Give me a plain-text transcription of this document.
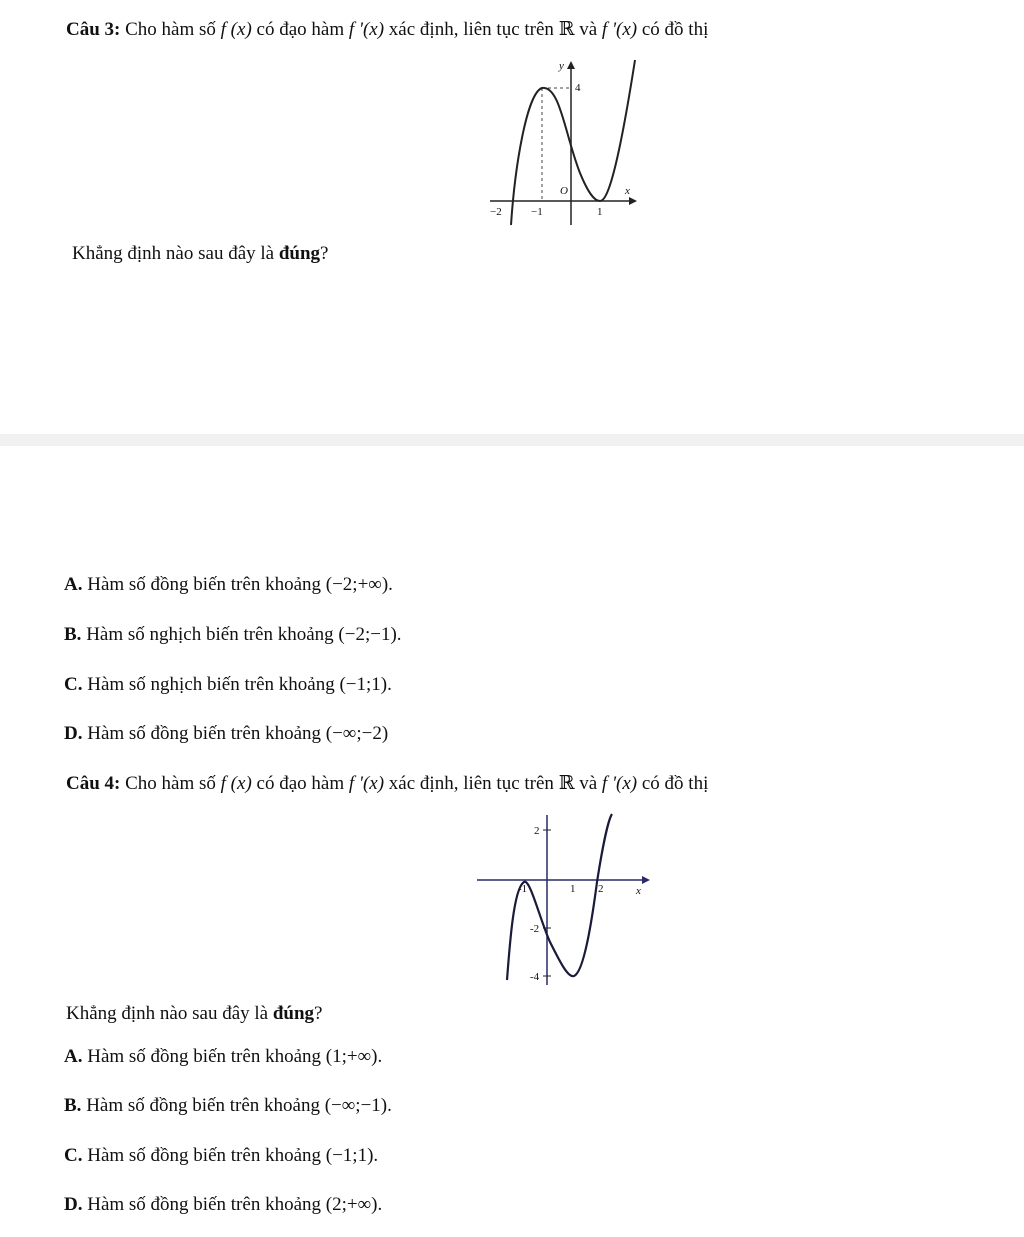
Câu 3: Cho hàm số f (x) có đạo hàm f '(x) xác định, liên tục trên ℝ và f '(x) có đồ thị
y
4
O	x
−2	−1	1
Khẳng định nào sau đây là đúng?
A. Hàm số đồng biến trên khoảng (−2;+∞).
B. Hàm số nghịch biến trên khoảng (−2;−1).
C. Hàm số nghịch biến trên khoảng (−1;1).
D. Hàm số đồng biến trên khoảng (−∞;−2)
Câu 4: Cho hàm số f (x) có đạo hàm f '(x) xác định, liên tục trên ℝ và f '(x) có đồ thị
2
-1	1 2	x
-2
-4
Khẳng định nào sau đây là đúng?
A. Hàm số đồng biến trên khoảng (1;+∞).
B. Hàm số đồng biến trên khoảng (−∞;−1).
C. Hàm số đồng biến trên khoảng (−1;1).
D. Hàm số đồng biến trên khoảng (2;+∞).
